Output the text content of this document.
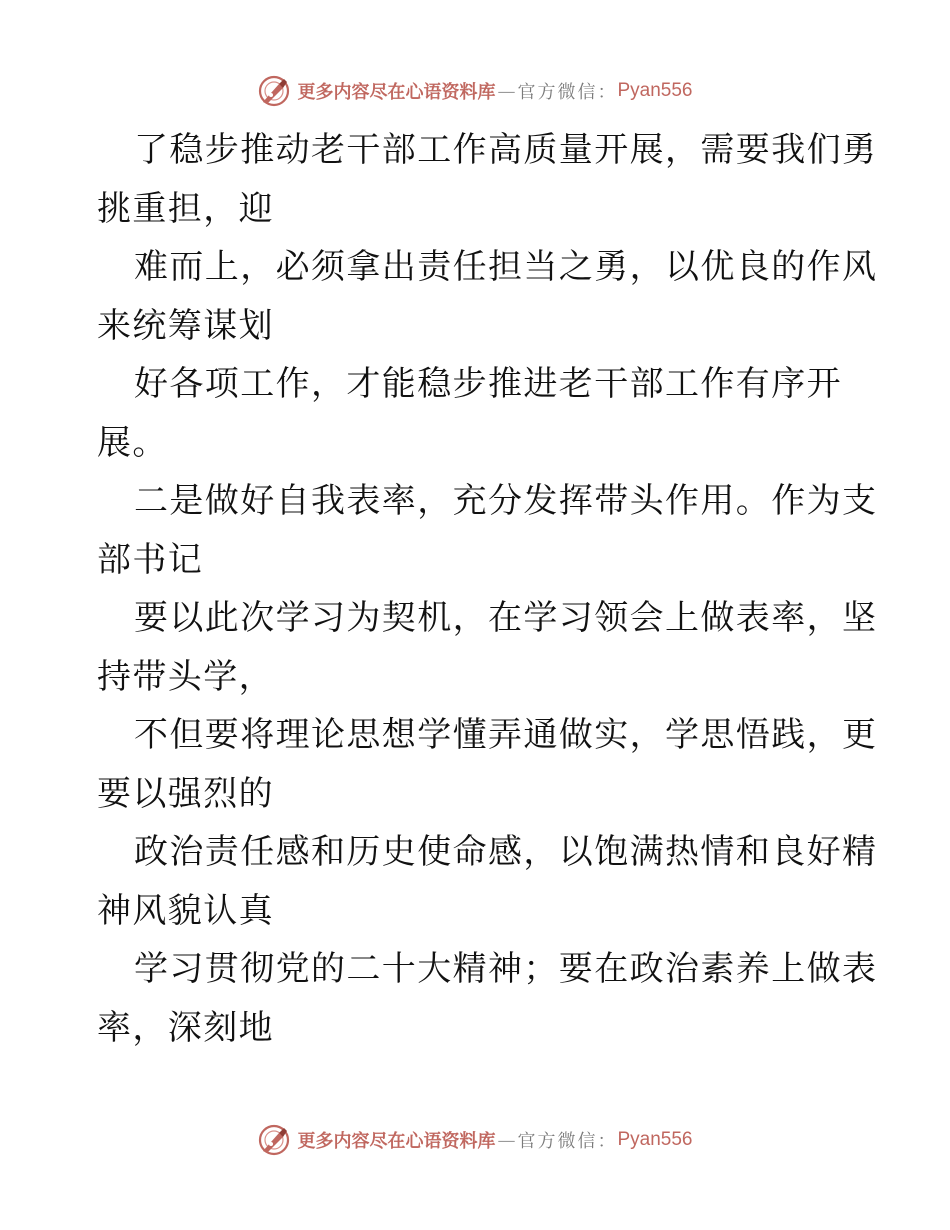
更多内容尽在心语资料库 — 官方微信： Pyan556
了稳步推动老干部工作高质量开展，需要我们勇
挑重担，迎
难而上，必须拿出责任担当之勇，以优良的作风
来统筹谋划
好各项工作，才能稳步推进老干部工作有序开
展。
二是做好自我表率，充分发挥带头作用。作为支
部书记
要以此次学习为契机，在学习领会上做表率，坚
持带头学，
不但要将理论思想学懂弄通做实，学思悟践，更
要以强烈的
政治责任感和历史使命感，以饱满热情和良好精
神风貌认真
学习贯彻党的二十大精神；要在政治素养上做表
率，深刻地
更多内容尽在心语资料库 — 官方微信： Pyan556
